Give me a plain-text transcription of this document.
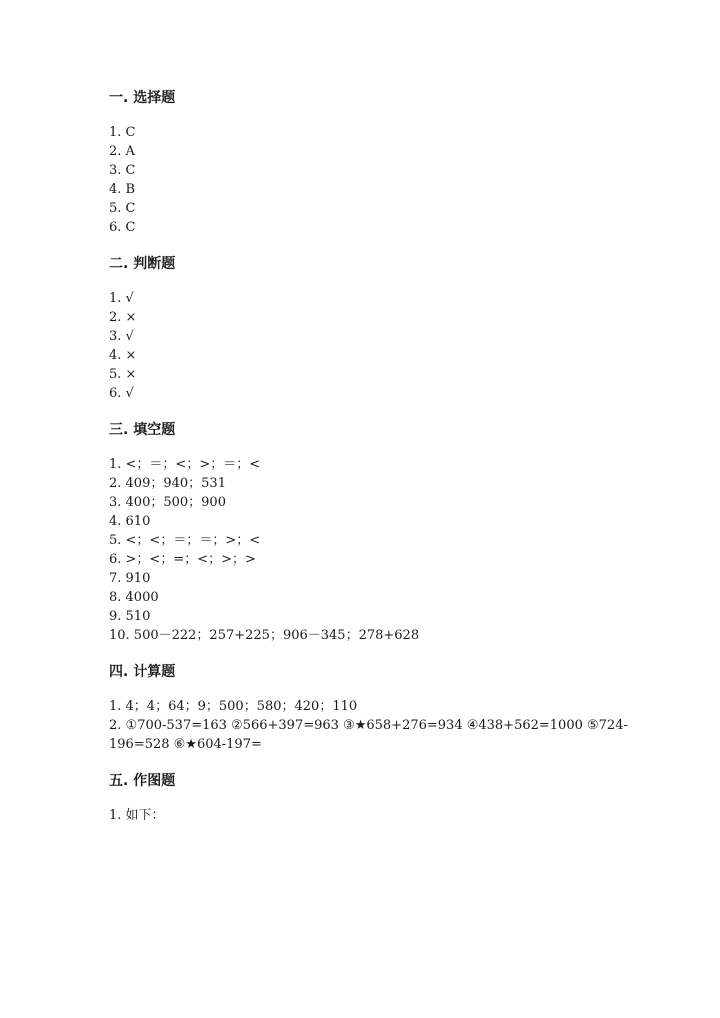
一. 选择题
1. C
2. A
3. C
4. B
5. C
6. C
二. 判断题
1. √
2. ×
3. √
4. ×
5. ×
6. √
三. 填空题
1. <；＝；<；>；＝；<
2. 409；940；531
3. 400；500；900
4. 610
5. <；<；＝；＝；>；<
6. >；<；=；<；>；>
7. 910
8. 4000
9. 510
10. 500－222；257+225；906－345；278+628
四. 计算题
1. 4；4；64；9；500；580；420；110
2. ①700-537=163 ②566+397=963 ③★658+276=934 ④438+562=1000 ⑤724-
196=528 ⑥★604-197=
五. 作图题
1. 如下：
